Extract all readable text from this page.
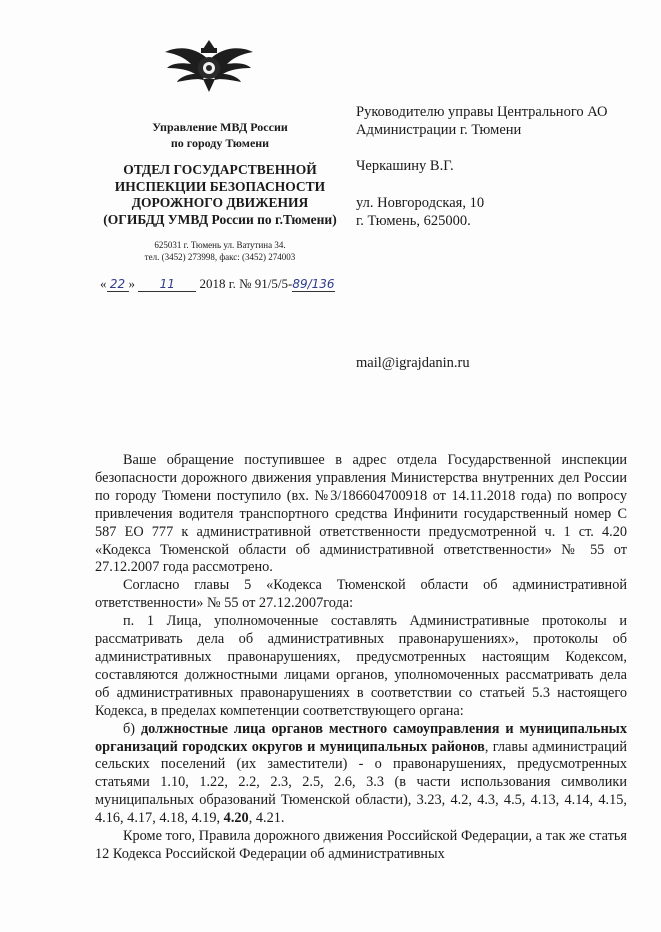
Управление МВД России
по городу Тюмени
ОТДЕЛ ГОСУДАРСТВЕННОЙ
ИНСПЕКЦИИ БЕЗОПАСНОСТИ
ДОРОЖНОГО ДВИЖЕНИЯ
(ОГИБДД УМВД России по г.Тюмени)
625031 г. Тюмень ул. Ватутина 34.
тел. (3452) 273998, факс: (3452) 274003
« 22 » 11 2018 г. № 91/5/5-89/136
Руководителю управы Центрального АО
Администрации г. Тюмени
Черкашину В.Г.
ул. Новгородская, 10
г. Тюмень, 625000.
mail@igrajdanin.ru

Ваше обращение поступившее в адрес отдела Государственной инспекции безопасности дорожного движения управления Министерства внутренних дел России по городу Тюмени поступило (вх. №3/186604700918 от 14.11.2018 года) по вопросу привлечения водителя транспортного средства Инфинити государственный номер С 587 ЕО 777 к административной ответственности предусмотренной ч. 1 ст. 4.20 «Кодекса Тюменской области об административной ответственности» № 55 от 27.12.2007 года рассмотрено.

Согласно главы 5 «Кодекса Тюменской области об административной ответственности» № 55 от 27.12.2007года:

п. 1 Лица, уполномоченные составлять Административные протоколы и рассматривать дела об административных правонарушениях», протоколы об административных правонарушениях, предусмотренных настоящим Кодексом, составляются должностными лицами органов, уполномоченных рассматривать дела об административных правонарушениях в соответствии со статьей 5.3 настоящего Кодекса, в пределах компетенции соответствующего органа:

б) должностные лица органов местного самоуправления и муниципальных организаций городских округов и муниципальных районов, главы администраций сельских поселений (их заместители) - о правонарушениях, предусмотренных статьями 1.10, 1.22, 2.2, 2.3, 2.5, 2.6, 3.3 (в части использования символики муниципальных образований Тюменской области), 3.23, 4.2, 4.3, 4.5, 4.13, 4.14, 4.15, 4.16, 4.17, 4.18, 4.19, 4.20, 4.21.

Кроме того, Правила дорожного движения Российской Федерации, а так же статья 12 Кодекса Российской Федерации об административных
